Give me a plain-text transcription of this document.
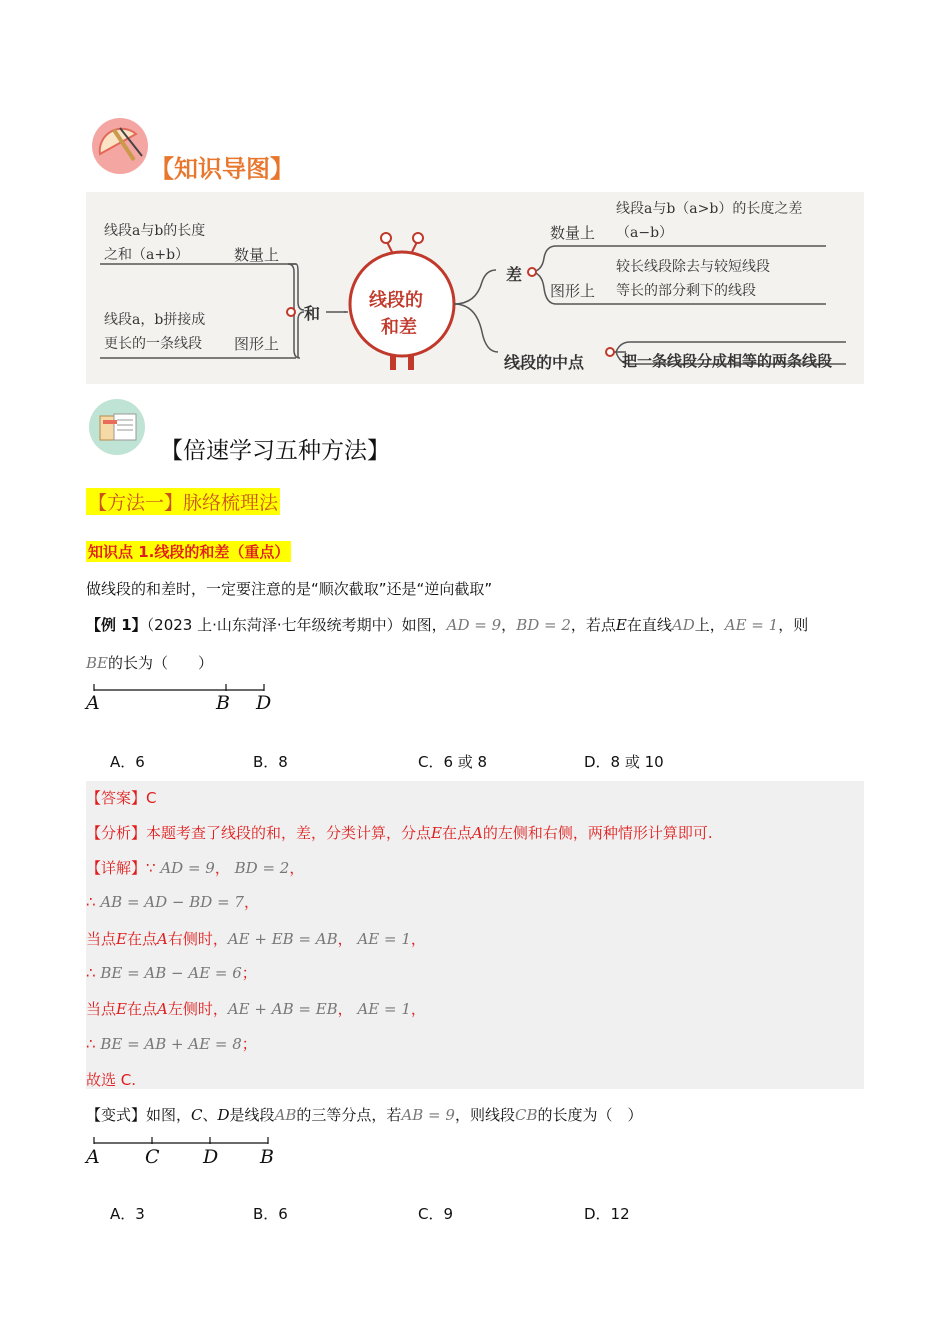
【知识导图】
线段a与b的长度
之和（a+b）	数量上
线段a，b拼接成
更长的一条线段 图形上
和
线段的
和差
差
数量上
线段a与b（a>b）的长度之差
（a−b）
图形上
较长线段除去与较短线段
等长的部分剩下的线段
线段的中点	把一条线段分成相等的两条线段
【倍速学习五种方法】
【方法一】脉络梳理法
知识点 1.线段的和差（重点）
做线段的和差时，一定要注意的是“顺次截取”还是“逆向截取”
【例 1】（2023 上·山东菏泽·七年级统考期中）如图，AD = 9，BD = 2，若点E在直线AD上，AE = 1，则
BE的长为（　　）
A	B D
A．6	B．8	C．6 或 8	D．8 或 10
【答案】C
【分析】本题考查了线段的和，差，分类计算，分点E在点A的左侧和右侧，两种情形计算即可.
【详解】∵ AD = 9， BD = 2，
∴ AB = AD − BD = 7，
当点E在点A右侧时，AE + EB = AB， AE = 1，
∴ BE = AB − AE = 6；
当点E在点A左侧时，AE + AB = EB， AE = 1，
∴ BE = AB + AE = 8；
故选 C.
【变式】如图，C、D是线段AB的三等分点，若AB = 9，则线段CB的长度为（　）
A C D B
A．3	B．6	C．9	D．12
